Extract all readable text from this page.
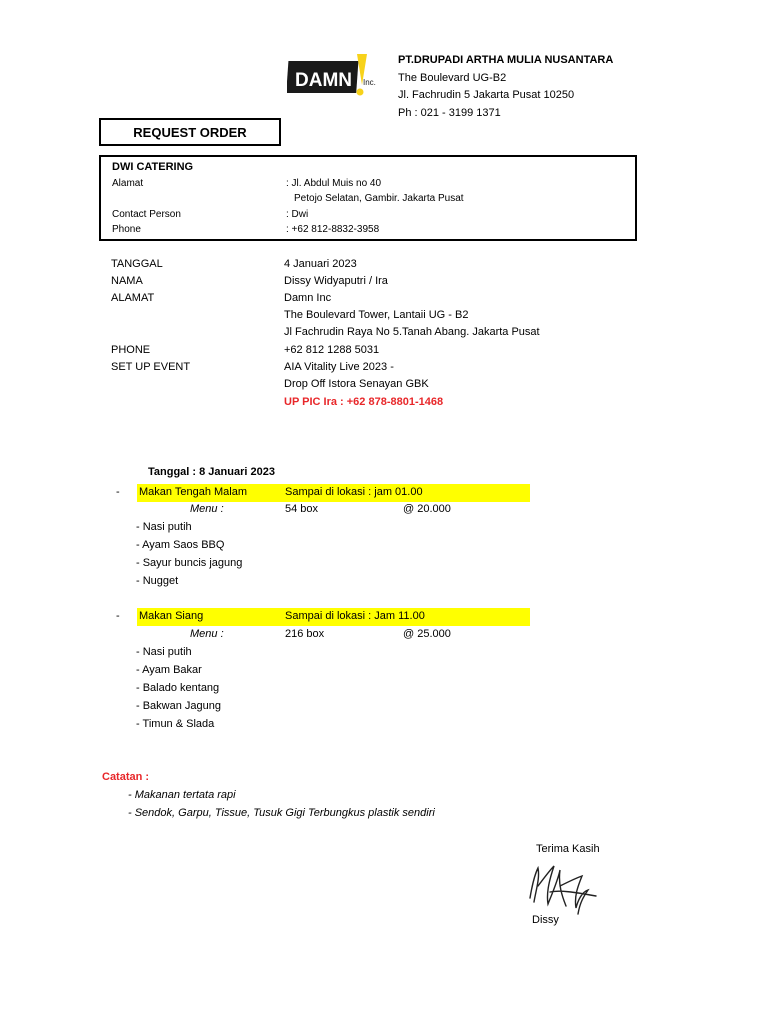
DAMN Inc.
PT.DRUPADI ARTHA MULIA NUSANTARA
The Boulevard UG-B2
Jl. Fachrudin 5 Jakarta Pusat 10250
Ph : 021 - 3199 1371
REQUEST ORDER
DWI CATERING
Alamat	: Jl. Abdul Muis no 40
Petojo Selatan, Gambir. Jakarta Pusat
Contact Person	: Dwi
Phone	: +62 812-8832-3958
TANGGAL	4 Januari 2023
NAMA	Dissy Widyaputri / Ira
ALAMAT	Damn Inc
The Boulevard Tower, Lantaii UG - B2
Jl Fachrudin Raya No 5.Tanah Abang. Jakarta Pusat
PHONE	+62 812 1288 5031
SET UP EVENT	AIA Vitality Live 2023 -
Drop Off Istora Senayan GBK
UP PIC Ira : +62 878-8801-1468
Tanggal : 8 Januari 2023
- Makan Tengah Malam	Sampai di lokasi : jam 01.00
Menu :	54 box	@ 20.000
- Nasi putih
- Ayam Saos BBQ
- Sayur buncis jagung
- Nugget
- Makan Siang	Sampai di lokasi : Jam 11.00
Menu :	216 box	@ 25.000
- Nasi putih
- Ayam Bakar
- Balado kentang
- Bakwan Jagung
- Timun & Slada
Catatan :
- Makanan tertata rapi
- Sendok, Garpu, Tissue, Tusuk Gigi Terbungkus plastik sendiri
Terima Kasih
Dissy
